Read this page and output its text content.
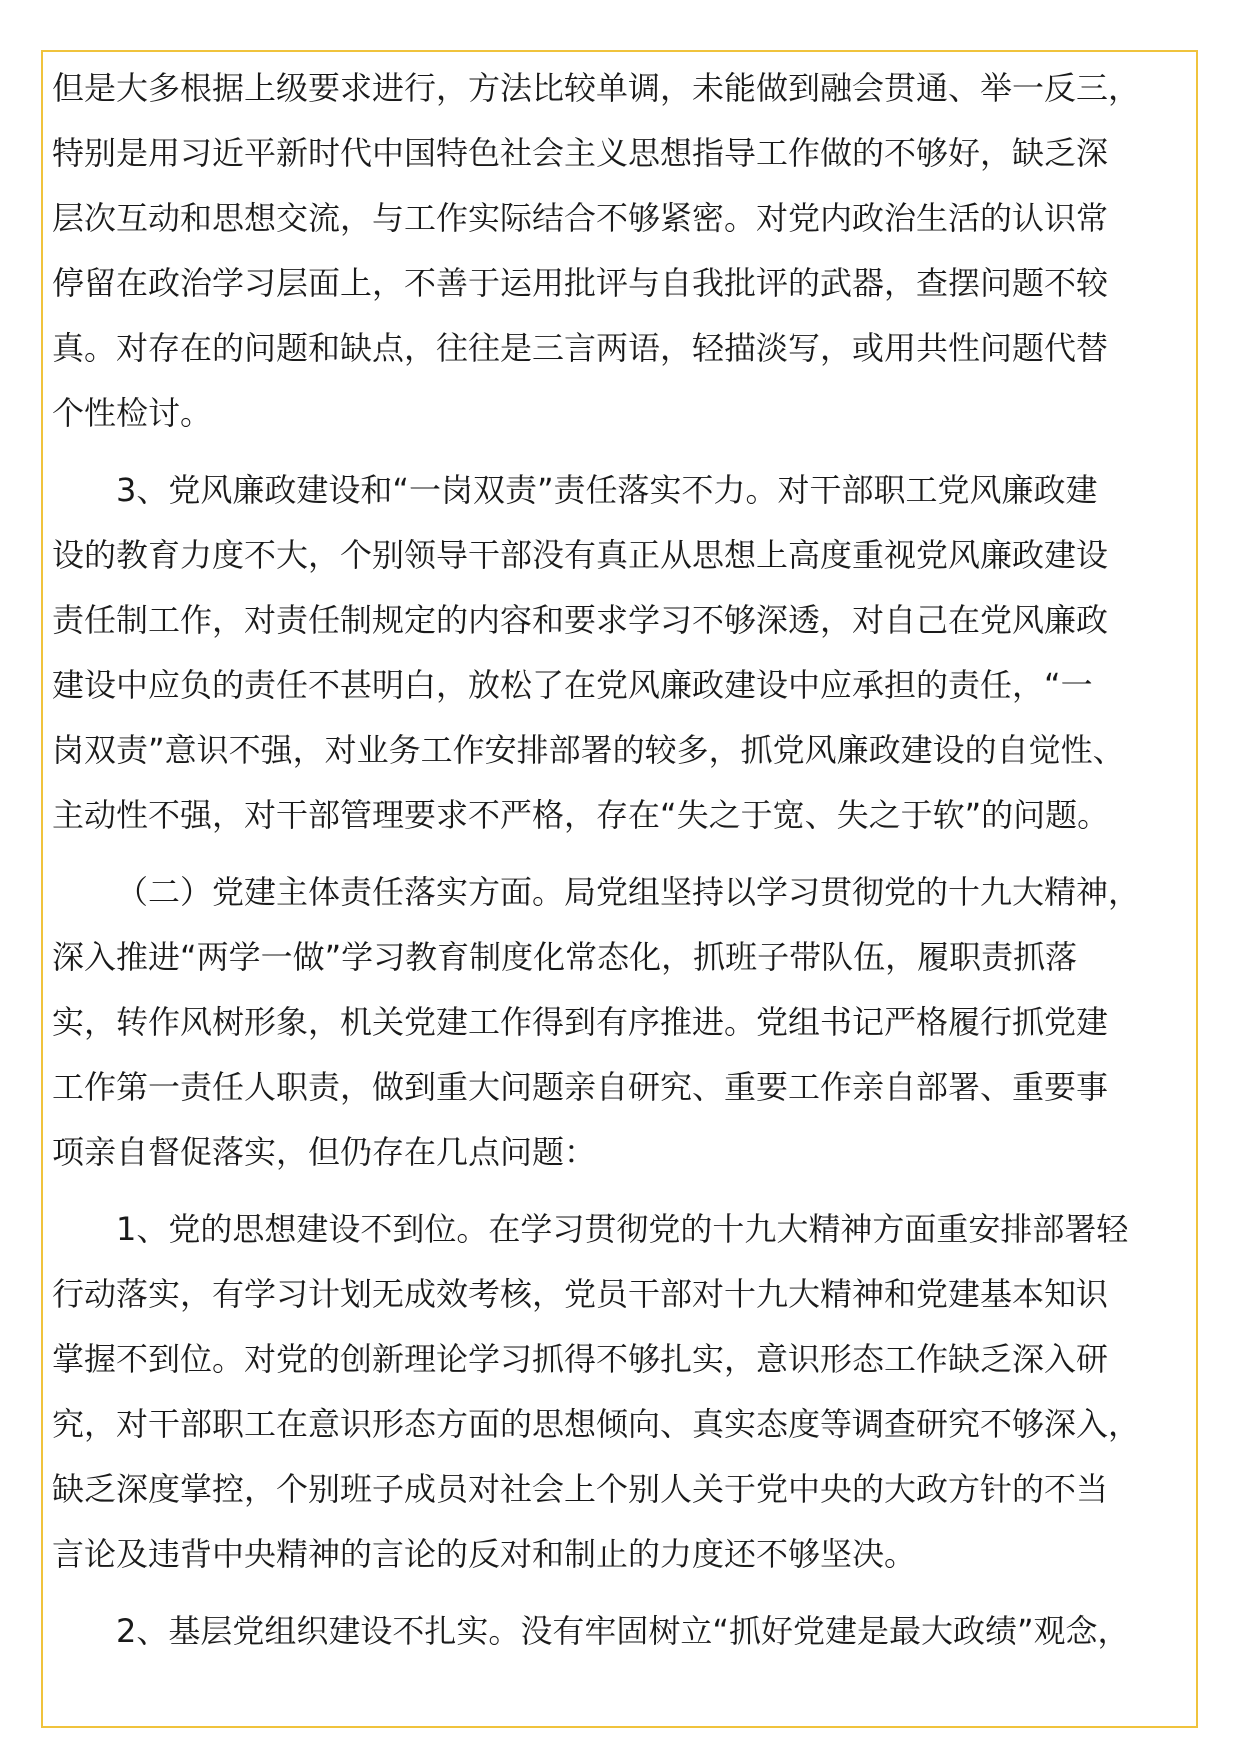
但是大多根据上级要求进行，方法比较单调，未能做到融会贯通、举一反三，
特别是用习近平新时代中国特色社会主义思想指导工作做的不够好，缺乏深
层次互动和思想交流，与工作实际结合不够紧密。对党内政治生活的认识常
停留在政治学习层面上，不善于运用批评与自我批评的武器，查摆问题不较
真。对存在的问题和缺点，往往是三言两语，轻描淡写，或用共性问题代替
个性检讨。
3、党风廉政建设和“一岗双责”责任落实不力。对干部职工党风廉政建
设的教育力度不大，个别领导干部没有真正从思想上高度重视党风廉政建设
责任制工作，对责任制规定的内容和要求学习不够深透，对自己在党风廉政
建设中应负的责任不甚明白，放松了在党风廉政建设中应承担的责任，“一
岗双责”意识不强，对业务工作安排部署的较多，抓党风廉政建设的自觉性、
主动性不强，对干部管理要求不严格，存在“失之于宽、失之于软”的问题。
（二）党建主体责任落实方面。局党组坚持以学习贯彻党的十九大精神，
深入推进“两学一做”学习教育制度化常态化，抓班子带队伍，履职责抓落
实，转作风树形象，机关党建工作得到有序推进。党组书记严格履行抓党建
工作第一责任人职责，做到重大问题亲自研究、重要工作亲自部署、重要事
项亲自督促落实，但仍存在几点问题：
1、党的思想建设不到位。在学习贯彻党的十九大精神方面重安排部署轻
行动落实，有学习计划无成效考核，党员干部对十九大精神和党建基本知识
掌握不到位。对党的创新理论学习抓得不够扎实，意识形态工作缺乏深入研
究，对干部职工在意识形态方面的思想倾向、真实态度等调查研究不够深入，
缺乏深度掌控，个别班子成员对社会上个别人关于党中央的大政方针的不当
言论及违背中央精神的言论的反对和制止的力度还不够坚决。
2、基层党组织建设不扎实。没有牢固树立“抓好党建是最大政绩”观念，
